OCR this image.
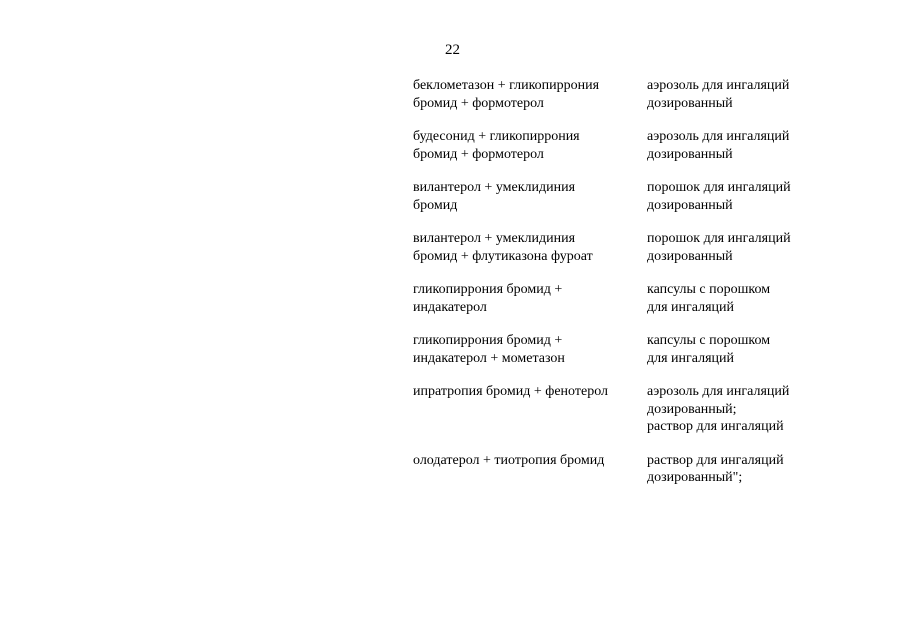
22
беклометазон + гликопиррония
бромид + формотерол
аэрозоль для ингаляций
дозированный
будесонид + гликопиррония
бромид + формотерол
аэрозоль для ингаляций
дозированный
вилантерол + умеклидиния
бромид
порошок для ингаляций
дозированный
вилантерол + умеклидиния
бромид + флутиказона фуроат
порошок для ингаляций
дозированный
гликопиррония бромид +
индакатерол
капсулы с порошком
для ингаляций
гликопиррония бромид +
индакатерол + мометазон
капсулы с порошком
для ингаляций
ипратропия бромид + фенотерол	аэрозоль для ингаляций
дозированный;
раствор для ингаляций
олодатерол + тиотропия бромид	раствор для ингаляций
дозированный";
